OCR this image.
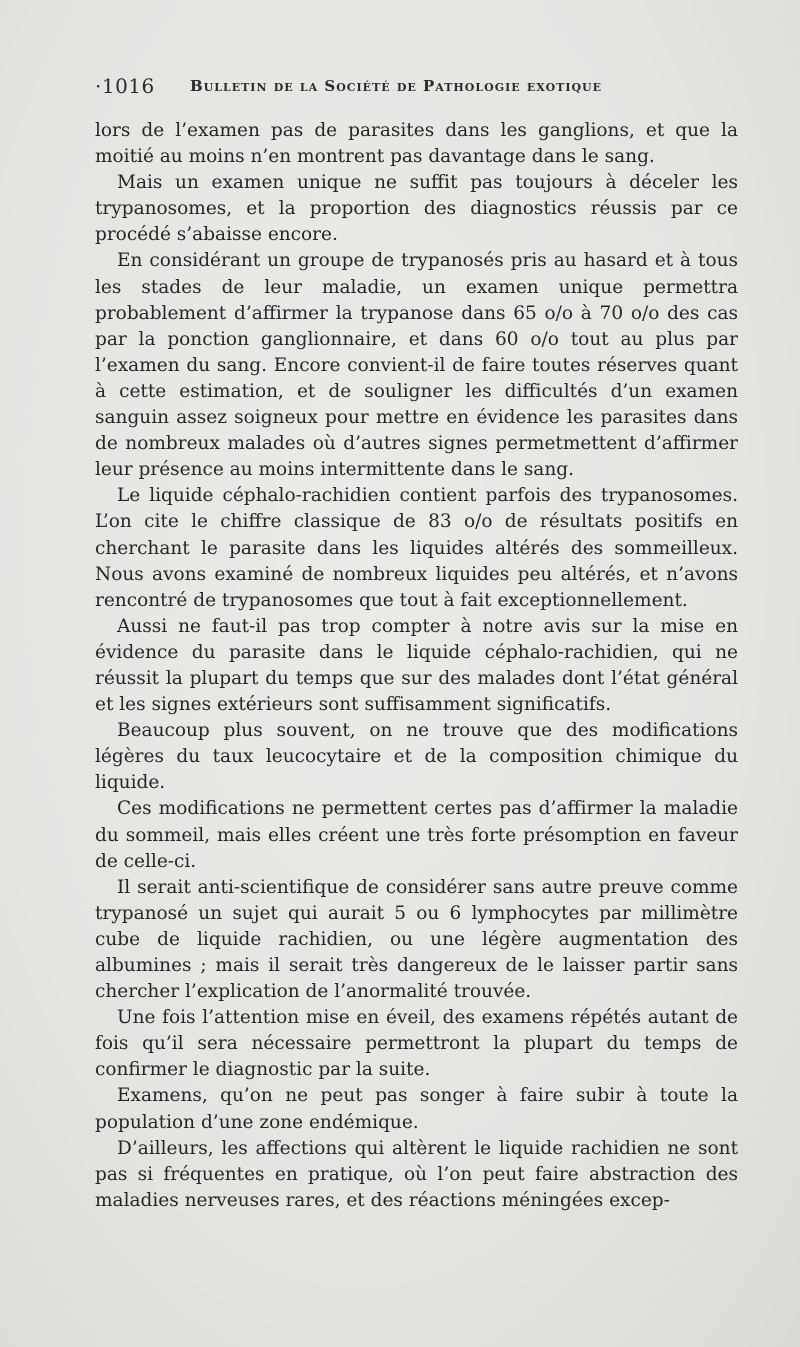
·1016 Bulletin de la Société de Pathologie exotique

lors de l’examen pas de parasites dans les ganglions, et que la moitié au moins n’en montrent pas davantage dans le sang.

Mais un examen unique ne suffit pas toujours à déceler les trypanosomes, et la proportion des diagnostics réussis par ce procédé s’abaisse encore.

En considérant un groupe de trypanosés pris au hasard et à tous les stades de leur maladie, un examen unique permettra probablement d’affirmer la trypanose dans 65 o/o à 70 o/o des cas par la ponction ganglionnaire, et dans 60 o/o tout au plus par l’examen du sang. Encore convient-il de faire toutes réserves quant à cette estimation, et de souligner les difficultés d’un examen sanguin assez soigneux pour mettre en évidence les parasites dans de nombreux malades où d’autres signes permetmettent d’affirmer leur présence au moins intermittente dans le sang.

Le liquide céphalo-rachidien contient parfois des trypanosomes. L’on cite le chiffre classique de 83 o/o de résultats positifs en cherchant le parasite dans les liquides altérés des sommeilleux. Nous avons examiné de nombreux liquides peu altérés, et n’avons rencontré de trypanosomes que tout à fait exceptionnellement.

Aussi ne faut-il pas trop compter à notre avis sur la mise en évidence du parasite dans le liquide céphalo-rachidien, qui ne réussit la plupart du temps que sur des malades dont l’état général et les signes extérieurs sont suffisamment significatifs.

Beaucoup plus souvent, on ne trouve que des modifications légères du taux leucocytaire et de la composition chimique du liquide.

Ces modifications ne permettent certes pas d’affirmer la maladie du sommeil, mais elles créent une très forte présomption en faveur de celle-ci.

Il serait anti-scientifique de considérer sans autre preuve comme trypanosé un sujet qui aurait 5 ou 6 lymphocytes par millimètre cube de liquide rachidien, ou une légère augmentation des albumines ; mais il serait très dangereux de le laisser partir sans chercher l’explication de l’anormalité trouvée.

Une fois l’attention mise en éveil, des examens répétés autant de fois qu’il sera nécessaire permettront la plupart du temps de confirmer le diagnostic par la suite.

Examens, qu’on ne peut pas songer à faire subir à toute la population d’une zone endémique.

D’ailleurs, les affections qui altèrent le liquide rachidien ne sont pas si fréquentes en pratique, où l’on peut faire abstraction des maladies nerveuses rares, et des réactions méningées excep-
